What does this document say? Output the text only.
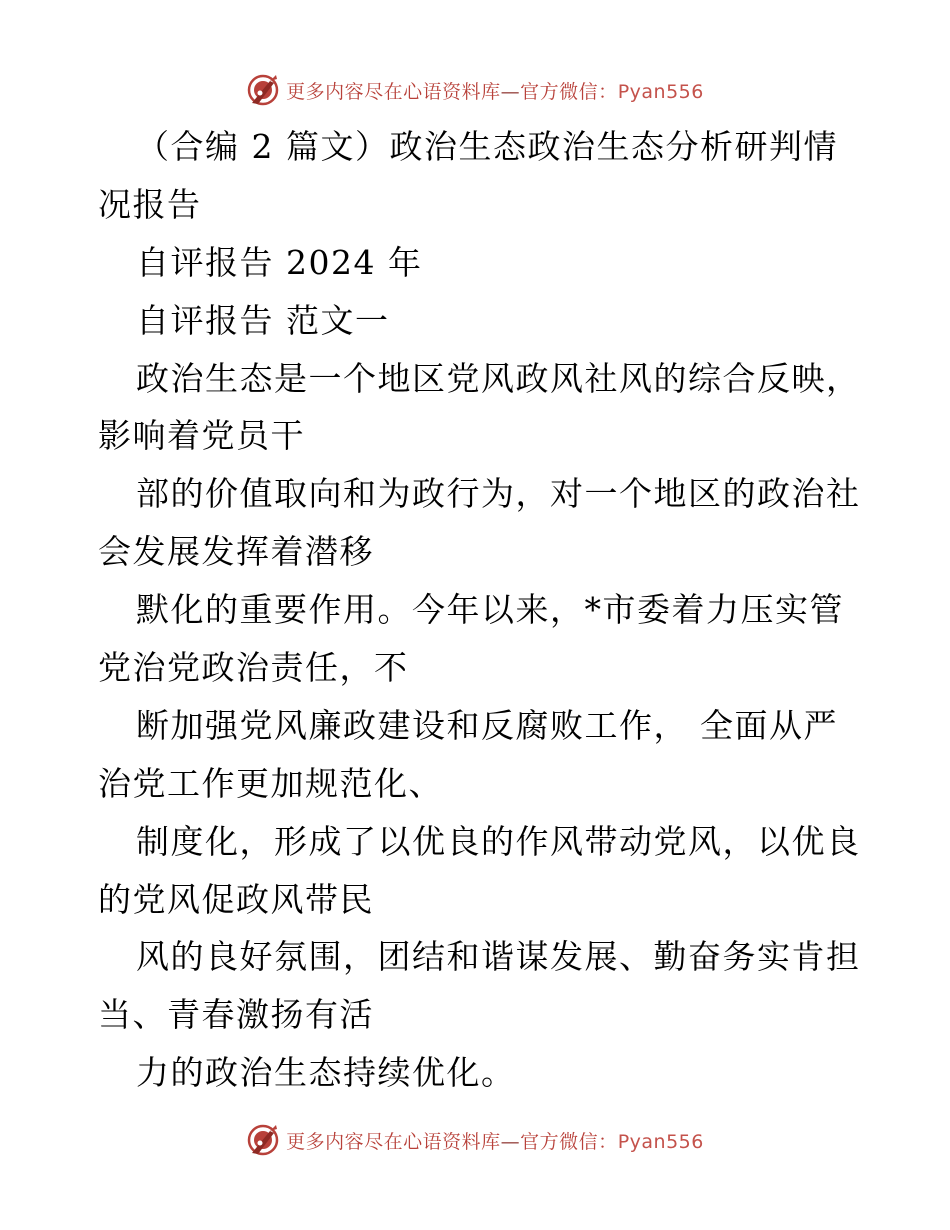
更多内容尽在心语资料库—官方微信：Pyan556
（合编 2 篇文）政治生态政治生态分析研判情
况报告
自评报告 2024 年
自评报告 范文一
政治生态是一个地区党风政风社风的综合反映，
影响着党员干
部的价值取向和为政行为，对一个地区的政治社
会发展发挥着潜移
默化的重要作用。今年以来，*市委着力压实管
党治党政治责任，不
断加强党风廉政建设和反腐败工作， 全面从严
治党工作更加规范化、
制度化，形成了以优良的作风带动党风，以优良
的党风促政风带民
风的良好氛围，团结和谐谋发展、勤奋务实肯担
当、青春激扬有活
力的政治生态持续优化。
更多内容尽在心语资料库—官方微信：Pyan556
